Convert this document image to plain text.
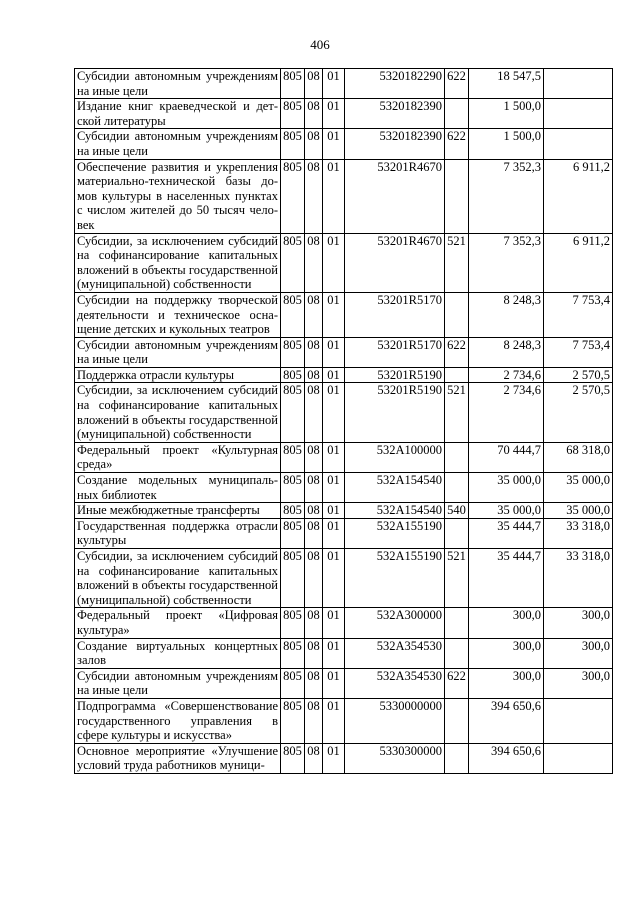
406
Субсидии автономным учреждениям на иные цели	805	08	01	5320182290	622	18 547,5	
Издание книг краеведческой и детской литературы	805	08	01	5320182390		1 500,0	
Субсидии автономным учреждениям на иные цели	805	08	01	5320182390	622	1 500,0	
Обеспечение развития и укрепления материально-технической базы домов культуры в населенных пунктах с числом жителей до 50 тысяч человек	805	08	01	53201R4670		7 352,3	6 911,2
Субсидии, за исключением субсидий на софинансирование капитальных вложений в объекты государственной (муниципальной) собственности	805	08	01	53201R4670	521	7 352,3	6 911,2
Субсидии на поддержку творческой деятельности и техническое оснащение детских и кукольных театров	805	08	01	53201R5170		8 248,3	7 753,4
Субсидии автономным учреждениям на иные цели	805	08	01	53201R5170	622	8 248,3	7 753,4
Поддержка отрасли культуры	805	08	01	53201R5190		2 734,6	2 570,5
Субсидии, за исключением субсидий на софинансирование капитальных вложений в объекты государственной (муниципальной) собственности	805	08	01	53201R5190	521	2 734,6	2 570,5
Федеральный проект «Культурная среда»	805	08	01	532A100000		70 444,7	68 318,0
Создание модельных муниципальных библиотек	805	08	01	532A154540		35 000,0	35 000,0
Иные межбюджетные трансферты	805	08	01	532A154540	540	35 000,0	35 000,0
Государственная поддержка отрасли культуры	805	08	01	532A155190		35 444,7	33 318,0
Субсидии, за исключением субсидий на софинансирование капитальных вложений в объекты государственной (муниципальной) собственности	805	08	01	532A155190	521	35 444,7	33 318,0
Федеральный проект «Цифровая культура»	805	08	01	532A300000		300,0	300,0
Создание виртуальных концертных залов	805	08	01	532A354530		300,0	300,0
Субсидии автономным учреждениям на иные цели	805	08	01	532A354530	622	300,0	300,0
Подпрограмма «Совершенствование государственного управления в сфере культуры и искусства»	805	08	01	5330000000		394 650,6	
Основное мероприятие «Улучшение условий труда работников муници-	805	08	01	5330300000		394 650,6	
